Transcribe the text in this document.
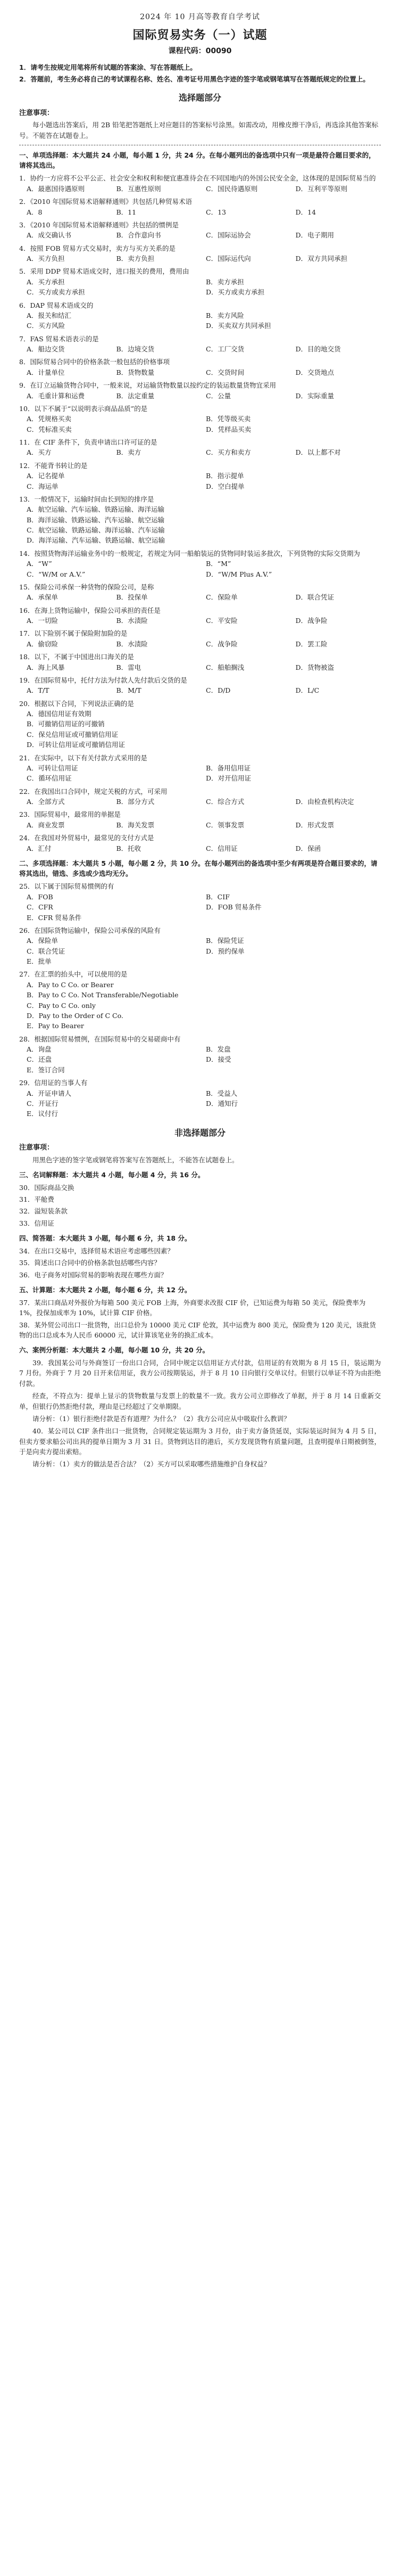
2024 年 10 月高等教育自学考试
国际贸易实务（一）试题
课程代码：00090

1．请考生按规定用笔将所有试题的答案涂、写在答题纸上。

2．答题前，考生务必将自己的考试课程名称、姓名、准考证号用黑色字迹的签字笔或钢笔填写在答题纸规定的位置上。

选择题部分
注意事项：

每小题选出答案后，用 2B 铅笔把答题纸上对应题目的答案标号涂黑。如需改动，用橡皮擦干净后，再选涂其他答案标号。不能答在试题卷上。

一、单项选择题：本大题共 24 小题，每小题 1 分，共 24 分。在每小题列出的备选项中只有一项是最符合题目要求的，请将其选出。
1．协约一方应将不公平公正、社会安全和权利和便宜惠准待会在不同国地内的外国公民安全金，这体现的是国际贸易当的
A．最惠国待遇原则	B．互惠性原则	C．国民待遇原则	D．互利平等原则
2．《2010 年国际贸易术语解释通则》共包括几种贸易术语
A．8	B．11	C．13	D．14
3．《2010 年国际贸易术语解释通则》共包括的惯例是
A．成交确认书	B．合作意向书	C．国际运协会	D．电子期用
4．按照 FOB 贸易方式交易时，卖方与买方关系的是
A．买方负担	B．卖方负担	C．国际运代向	D．双方共同承担
5．采用 DDP 贸易术语成交时，进口报关的费用，费用由
A．买方承担	B．卖方承担
C．买方或卖方承担	D．买方或卖方承担
6．DAP 贸易术语成交的
A．报关和结汇	B．卖方风险
C．买方风险	D．买卖双方共同承担
7．FAS 贸易术语表示的是
A．船边交货	B．边境交货	C．工厂交货	D．目的地交货
8．国际贸易合同中的价格条款一般包括的价格事项
A．计量单位	B．货物数量	C．交货时间	D．交货地点
9．在订立运输货物合同中，一般来说，对运输货物数量以按约定的装运数量货物宜采用
A．毛重计算和运费	B．法定重量	C．公量	D．实际重量
10．以下不属于“以说明表示商品品质”的是
A．凭规格买卖	B．凭等级买卖
C．凭标准买卖	D．凭样品买卖
11．在 CIF 条件下，负责申请出口许可证的是
A．买方	B．卖方	C．买方和卖方	D．以上都不对
12．不能背书转让的是
A．记名提单	B．指示提单
C．海运单	D．空白提单
13．一般情况下，运输时间由长到短的排序是
A．航空运输、汽车运输、铁路运输、海洋运输
B．海洋运输、铁路运输、汽车运输、航空运输
C．航空运输、铁路运输、海洋运输、汽车运输
D．海洋运输、汽车运输、铁路运输、航空运输
14．按照货物海洋运输业务中的一般规定，若规定为同一船舶装运的货物同时装运多批次，下列货物的实际交货期为
A．“W”	B．“M”
C．“W/M or A.V.”	D．“W/M Plus A.V.”
15．保险公司承保一种货物的保险公司，是称
A．承保单	B．投保单	C．保险单	D．联合凭证
16．在海上货物运输中，保险公司承担的责任是
A．一切险	B．水渍险	C．平安险	D．战争险
17．以下险别不属于保险附加险的是
A．偷窃险	B．水渍险	C．战争险	D．罢工险
18．以下，不属于中国进出口海关的是
A．海上风暴	B．雷电	C．船舶搁浅	D．货物被盗
19．在国际贸易中，托付方法为付款人先付款后交货的是
A．T/T	B．M/T	C．D/D	D．L/C
20．根据以下合同，下列说法正确的是
A．德国信用证有效期
B．可撤销信用证的可撤销
C．保兑信用证或可撤销信用证
D．可转让信用证或可撤销信用证
21．在实际中，以下有关付款方式采用的是
A．可转让信用证	B．备用信用证
C．循环信用证	D．对开信用证
22．在我国出口合同中，规定关税的方式，可采用
A．全部方式	B．部分方式	C．综合方式	D．由检查机构决定
23．国际贸易中，最常用的单据是
A．商业发票	B．海关发票	C．领事发票	D．形式发票
24．在我国对外贸易中，最常见的支付方式是
A．汇付	B．托收	C．信用证	D．保函
二、多项选择题：本大题共 5 小题，每小题 2 分，共 10 分。在每小题列出的备选项中至少有两项是符合题目要求的，请将其选出，错选、多选或少选均无分。
25．以下属于国际贸易惯例的有
A．FOB	B．CIF
C．CFR	D．FOB 贸易条件
E．CFR 贸易条件
26．在国际货物运输中，保险公司承保的风险有
A．保险单	B．保险凭证
C．联合凭证	D．预约保单
E．批单
27．在汇票的抬头中，可以使用的是
A．Pay to C Co. or Bearer
B．Pay to C Co. Not Transferable/Negotiable
C．Pay to C Co. only
D．Pay to the Order of C Co.
E．Pay to Bearer
28．根据国际贸易惯例，在国际贸易中的交易磋商中有
A．询盘	B．发盘
C．还盘	D．接受
E．签订合同
29．信用证的当事人有
A．开证申请人	B．受益人
C．开证行	D．通知行
E．议付行
非选择题部分
注意事项：

用黑色字迹的签字笔或钢笔将答案写在答题纸上，不能答在试题卷上。

三、名词解释题：本大题共 4 小题，每小题 4 分，共 16 分。
30．国际商品交换
31．平舱费
32．溢短装条款
33．信用证
四、简答题：本大题共 3 小题，每小题 6 分，共 18 分。
34．在出口交易中，选择贸易术语应考虑哪些因素？
35．简述出口合同中的价格条款包括哪些内容？
36．电子商务对国际贸易的影响表现在哪些方面？
五、计算题：本大题共 2 小题，每小题 6 分，共 12 分。
37．某出口商品对外报价为每箱 500 美元 FOB 上海，外商要求改报 CIF 价，已知运费为每箱 50 美元，保险费率为 1%，投保加成率为 10%，试计算 CIF 价格。
38．某外贸公司出口一批货物，出口总价为 10000 美元 CIF 伦敦，其中运费为 800 美元，保险费为 120 美元，该批货物的出口总成本为人民币 60000 元，试计算该笔业务的换汇成本。
六、案例分析题：本大题共 2 小题，每小题 10 分，共 20 分。

39．我国某公司与外商签订一份出口合同，合同中规定以信用证方式付款，信用证的有效期为 8 月 15 日，装运期为 7 月份。外商于 7 月 20 日开来信用证，我方公司按期装运，并于 8 月 10 日向银行交单议付。但银行以单证不符为由拒绝付款。

经查，不符点为：提单上显示的货物数量与发票上的数量不一致。我方公司立即修改了单据，并于 8 月 14 日重新交单，但银行仍然拒绝付款，理由是已经超过了交单期限。

请分析：（1）银行拒绝付款是否有道理？为什么？（2）我方公司应从中吸取什么教训？

40．某公司以 CIF 条件出口一批货物，合同规定装运期为 3 月份，由于卖方备货延误，实际装运时间为 4 月 5 日，但卖方要求船公司出具的提单日期为 3 月 31 日。货物到达目的港后，买方发现货物有质量问题，且查明提单日期被倒签，于是向卖方提出索赔。

请分析：（1）卖方的做法是否合法？（2）买方可以采取哪些措施维护自身权益？
